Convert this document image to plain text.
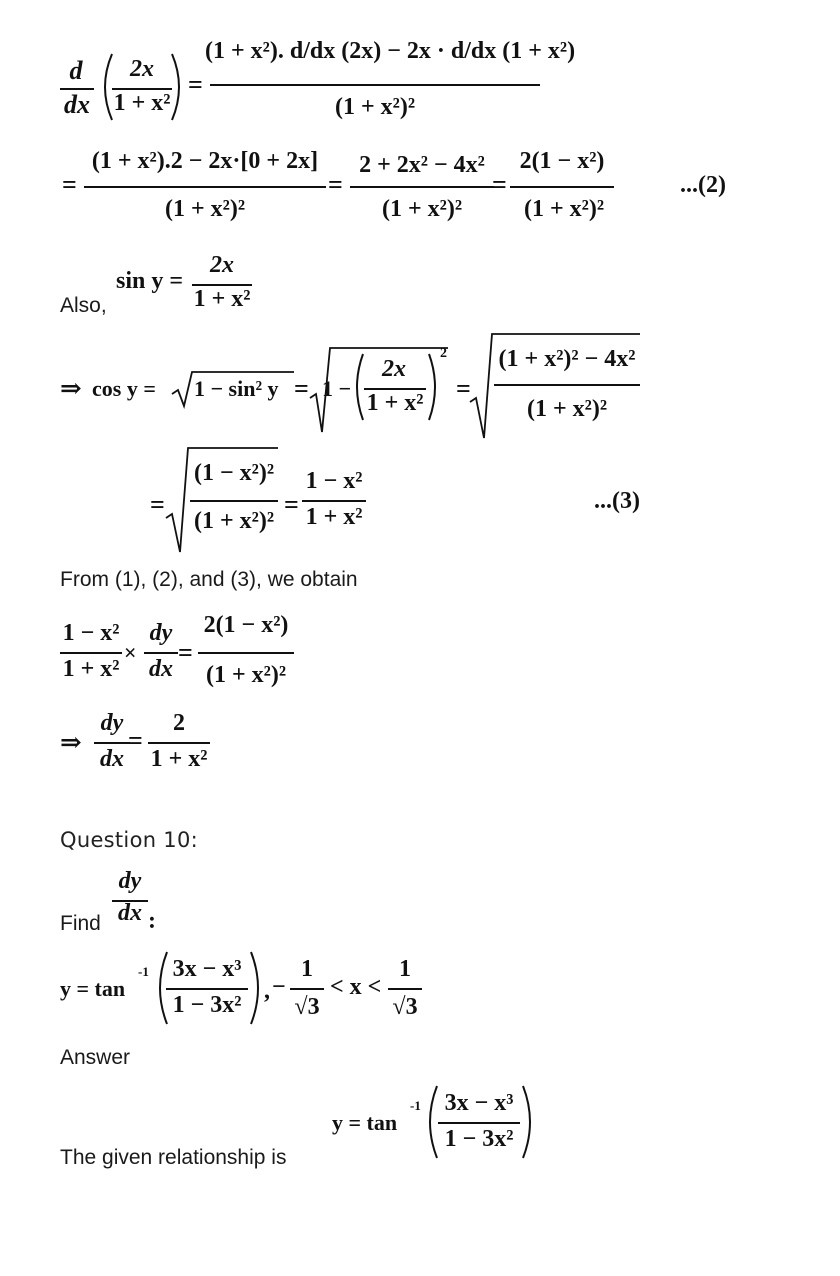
d
dx
2x
1 + x²
=
(1 + x²). d/dx (2x) − 2x · d/dx (1 + x²)
(1 + x²)²
=
(1 + x²).2 − 2x·[0 + 2x]
(1 + x²)²
=
2 + 2x² − 4x²
(1 + x²)²
=
2(1 − x²)
(1 + x²)²
...(2)
Also,
sin y =
2x
1 + x²
⇒ cos y = 1 − sin² y = 1 −
2x
1 + x²
2
=
(1 + x²)² − 4x²
(1 + x²)²
=
(1 − x²)²
(1 + x²)²
=
1 − x²
1 + x²
...(3)
From (1), (2), and (3), we obtain
1 − x²
1 + x²
×
dy
dx
=
2(1 − x²)
(1 + x²)²
⇒
dy
dx
=
2
1 + x²
Question 10:
Find
dy
dx :
y = tan
-1 3x − x³
1 − 3x²
, −
1
√3
< x <
1
√3
Answer
y = tan
-1 3x − x³
1 − 3x²
The given relationship is
